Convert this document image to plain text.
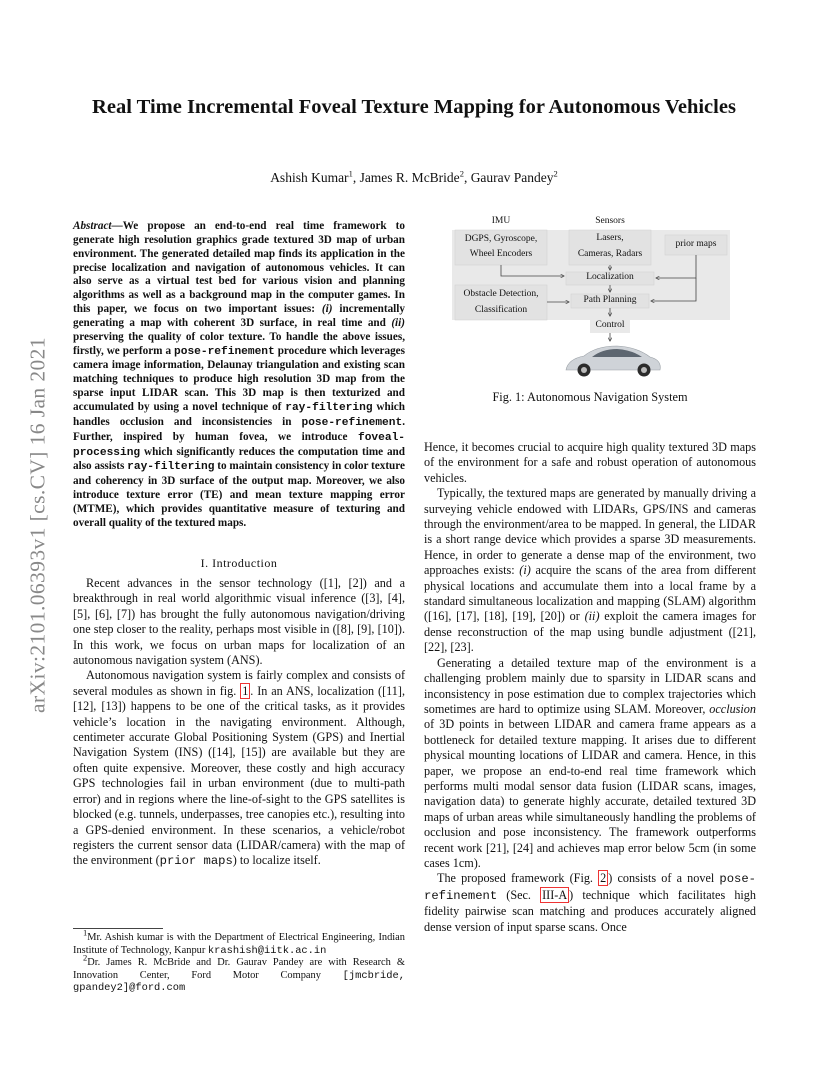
Real Time Incremental Foveal Texture Mapping for Autonomous Vehicles
Ashish Kumar$^1$, James R. McBride$^2$, Gaurav Pandey$^2$
arXiv:2101.06393v1 [cs.CV] 16 Jan 2021
Abstract—We propose an end-to-end real time framework to generate high resolution graphics grade textured 3D map of urban environment. The generated detailed map finds its application in the precise localization and navigation of autonomous vehicles. It can also serve as a virtual test bed for various vision and planning algorithms as well as a background map in the computer games. In this paper, we focus on two important issues: (i) incrementally generating a map with coherent 3D surface, in real time and (ii) preserving the quality of color texture. To handle the above issues, firstly, we perform a pose-refinement procedure which leverages camera image information, Delaunay triangulation and existing scan matching techniques to produce high resolution 3D map from the sparse input LIDAR scan. This 3D map is then texturized and accumulated by using a novel technique of ray-filtering which handles occlusion and inconsistencies in pose-refinement. Further, inspired by human fovea, we introduce foveal-processing which significantly reduces the computation time and also assists ray-filtering to maintain consistency in color texture and coherency in 3D surface of the output map. Moreover, we also introduce texture error (TE) and mean texture mapping error (MTME), which provides quantitative measure of texturing and overall quality of the textured maps.
I. Introduction

Recent advances in the sensor technology ([1], [2]) and a breakthrough in real world algorithmic visual inference ([3], [4], [5], [6], [7]) has brought the fully autonomous navigation/driving one step closer to the reality, perhaps most visible in ([8], [9], [10]). In this work, we focus on urban maps for localization of an autonomous navigation system (ANS).

Autonomous navigation system is fairly complex and consists of several modules as shown in fig. 1 . In an ANS, localization ([11], [12], [13]) happens to be one of the critical tasks, as it provides vehicle’s location in the navigating environment. Although, centimeter accurate Global Positioning System (GPS) and Inertial Navigation System (INS) ([14], [15]) are available but they are often quite expensive. Moreover, these costly and high accuracy GPS technologies fail in urban environment (due to multi-path error) and in regions where the line-of-sight to the GPS satellites is blocked (e.g. tunnels, underpasses, tree canopies etc.), resulting into a GPS-denied environment. In these scenarios, a vehicle/robot registers the current sensor data (LIDAR/camera) with the map of the environment (prior maps) to localize itself.

$^1$Mr. Ashish kumar is with the Department of Electrical Engineering, Indian Institute of Technology, Kanpur krashish@iitk.ac.in

$^2$Dr. James R. McBride and Dr. Gaurav Pandey are with Research & Innovation Center, Ford Motor Company [jmcbride, gpandey2]@ford.com

IMU
DGPS, Gyroscope,
Wheel Encoders
Sensors
Lasers,
Cameras, Radars
prior maps
Localization
Obstacle Detection,
Classification
Path Planning
Control
Fig. 1: Autonomous Navigation System

Hence, it becomes crucial to acquire high quality textured 3D maps of the environment for a safe and robust operation of autonomous vehicles.

Typically, the textured maps are generated by manually driving a surveying vehicle endowed with LIDARs, GPS/INS and cameras through the environment/area to be mapped. In general, the LIDAR is a short range device which provides a sparse 3D measurements. Hence, in order to generate a dense map of the environment, two approaches exists: (i) acquire the scans of the area from different physical locations and accumulate them into a local frame by a standard simultaneous localization and mapping (SLAM) algorithm ([16], [17], [18], [19], [20]) or (ii) exploit the camera images for dense reconstruction of the map using bundle adjustment ([21], [22], [23].

Generating a detailed texture map of the environment is a challenging problem mainly due to sparsity in LIDAR scans and inconsistency in pose estimation due to complex trajectories which sometimes are hard to optimize using SLAM. Moreover, occlusion of 3D points in between LIDAR and camera frame appears as a bottleneck for detailed texture mapping. It arises due to different physical mounting locations of LIDAR and camera. Hence, in this paper, we propose an end-to-end real time framework which performs multi modal sensor data fusion (LIDAR scans, images, navigation data) to generate highly accurate, detailed textured 3D maps of urban areas while simultaneously handling the problems of occlusion and pose inconsistency. The framework outperforms recent work [21], [24] and achieves map error below 5cm (in some cases 1cm).

The proposed framework (Fig. 2 ) consists of a novel pose-refinement (Sec. III-A ) technique which facilitates high fidelity pairwise scan matching and produces accurately aligned dense version of input sparse scans. Once
